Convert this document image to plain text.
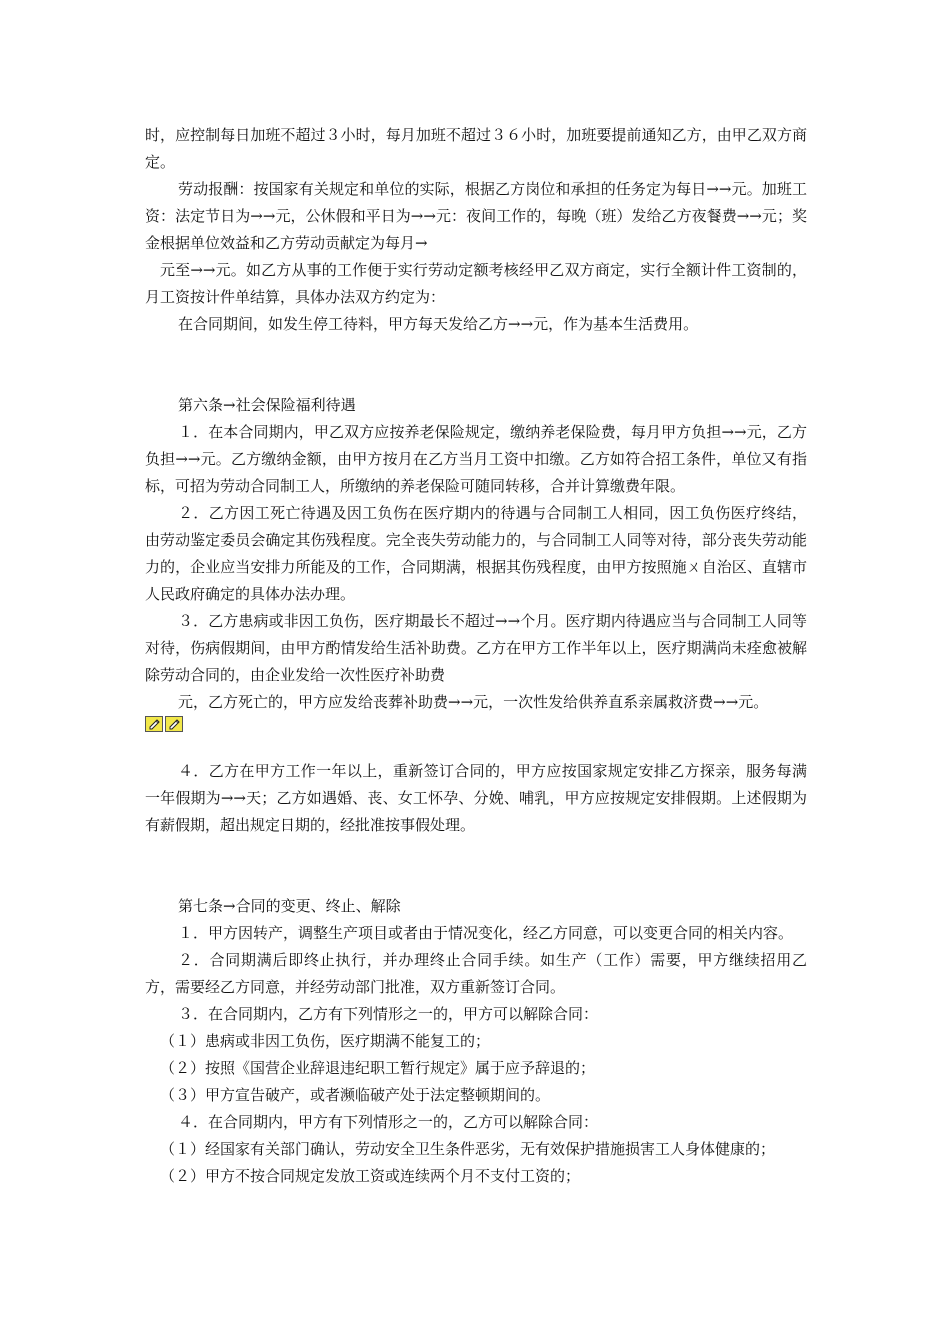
时，应控制每日加班不超过３小时，每月加班不超过３６小时，加班要提前通知乙方，由甲乙双方商定。

劳动报酬：按国家有关规定和单位的实际，根据乙方岗位和承担的任务定为每日→→元。加班工资：法定节日为→→元，公休假和平日为→→元：夜间工作的，每晚（班）发给乙方夜餐费→→元；奖金根据单位效益和乙方劳动贡献定为每月→

元至→→元。如乙方从事的工作便于实行劳动定额考核经甲乙双方商定，实行全额计件工资制的，月工资按计件单结算，具体办法双方约定为：

在合同期间，如发生停工待料，甲方每天发给乙方→→元，作为基本生活费用。

第六条→社会保险福利待遇

１．在本合同期内，甲乙双方应按养老保险规定，缴纳养老保险费，每月甲方负担→→元，乙方负担→→元。乙方缴纳金额，由甲方按月在乙方当月工资中扣缴。乙方如符合招工条件，单位又有指标，可招为劳动合同制工人，所缴纳的养老保险可随同转移，合并计算缴费年限。

２．乙方因工死亡待遇及因工负伤在医疗期内的待遇与合同制工人相同，因工负伤医疗终结，由劳动鉴定委员会确定其伤残程度。完全丧失劳动能力的，与合同制工人同等对待，部分丧失劳动能力的，企业应当安排力所能及的工作，合同期满，根据其伤残程度，由甲方按照施ㄨ自治区、直辖市人民政府确定的具体办法办理。

３．乙方患病或非因工负伤，医疗期最长不超过→→个月。医疗期内待遇应当与合同制工人同等对待，伤病假期间，由甲方酌情发给生活补助费。乙方在甲方工作半年以上，医疗期满尚未痊愈被解除劳动合同的，由企业发给一次性医疗补助费

元，乙方死亡的，甲方应发给丧葬补助费→→元，一次性发给供养直系亲属救济费→→元。

４．乙方在甲方工作一年以上，重新签订合同的，甲方应按国家规定安排乙方探亲，服务每满一年假期为→→天；乙方如遇婚、丧、女工怀孕、分娩、哺乳，甲方应按规定安排假期。上述假期为有薪假期，超出规定日期的，经批准按事假处理。

第七条→合同的变更、终止、解除

１．甲方因转产，调整生产项目或者由于情况变化，经乙方同意，可以变更合同的相关内容。

２．合同期满后即终止执行，并办理终止合同手续。如生产（工作）需要，甲方继续招用乙方，需要经乙方同意，并经劳动部门批准，双方重新签订合同。

３．在合同期内，乙方有下列情形之一的，甲方可以解除合同：

（１）患病或非因工负伤，医疗期满不能复工的；

（２）按照《国营企业辞退违纪职工暂行规定》属于应予辞退的；

（３）甲方宣告破产，或者濒临破产处于法定整顿期间的。

４．在合同期内，甲方有下列情形之一的，乙方可以解除合同：

（１）经国家有关部门确认，劳动安全卫生条件恶劣，无有效保护措施损害工人身体健康的；

（２）甲方不按合同规定发放工资或连续两个月不支付工资的；
